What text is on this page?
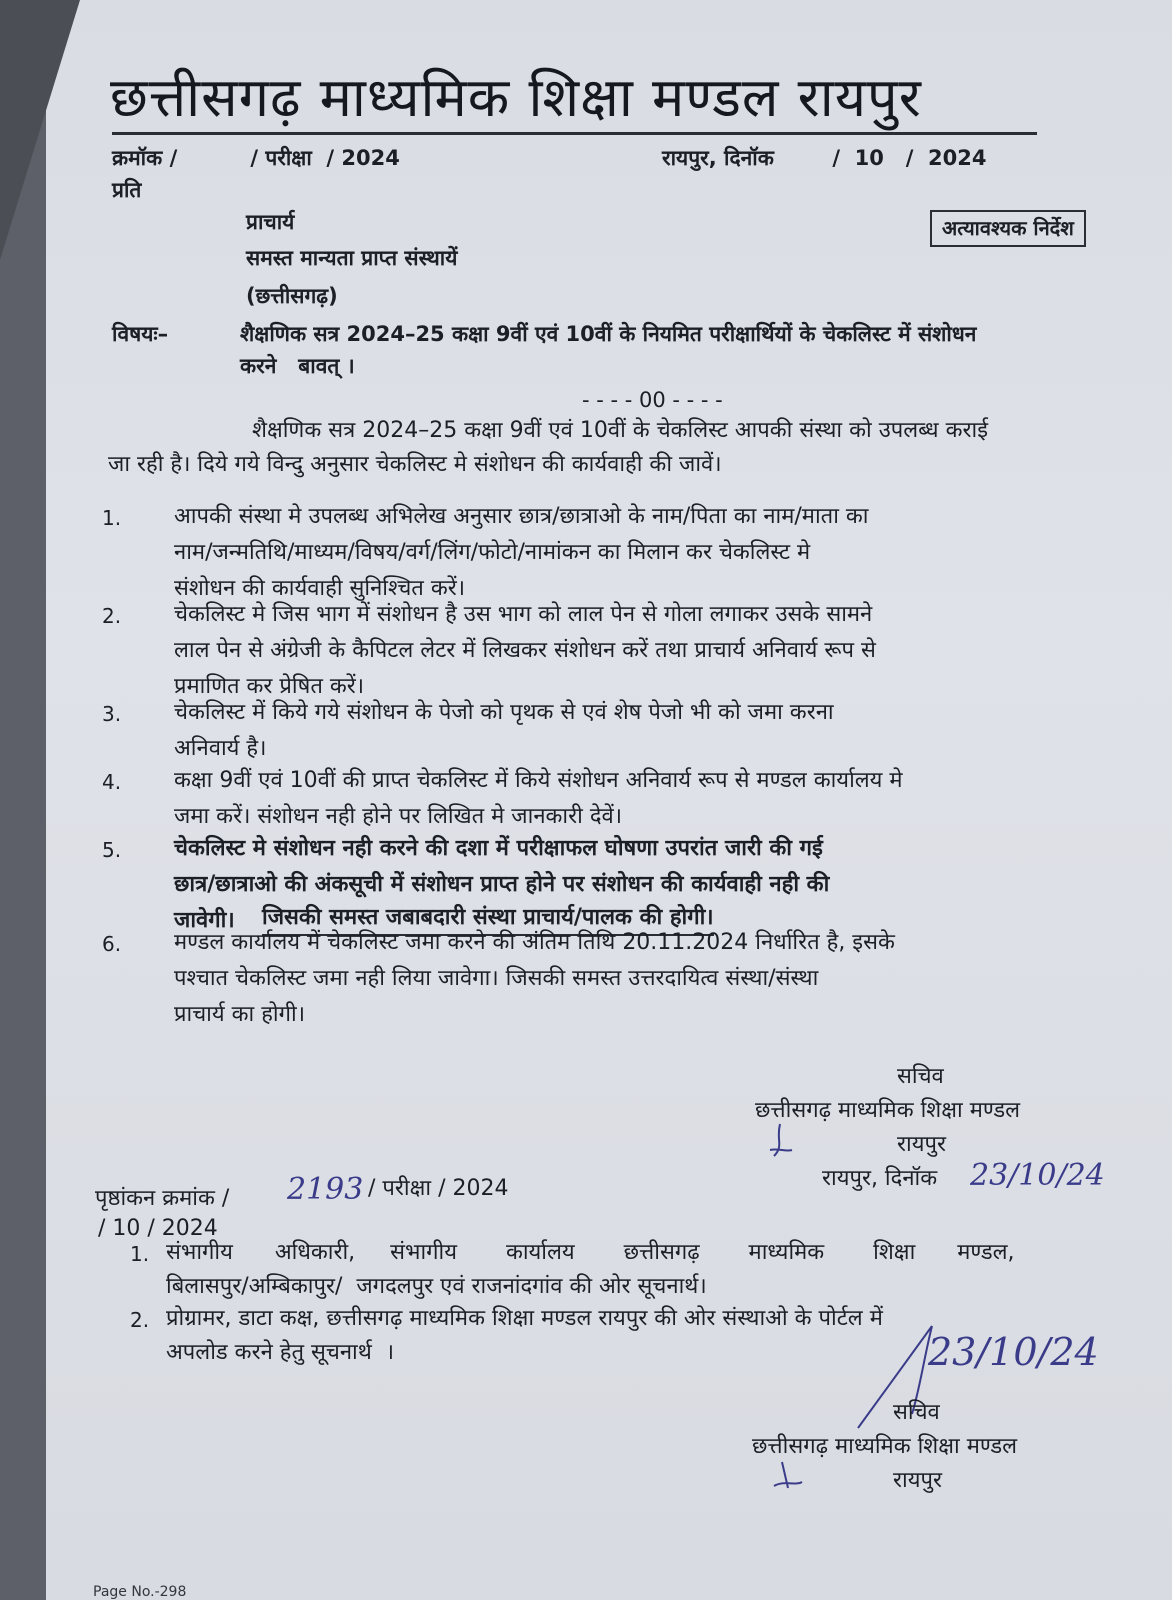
छत्तीसगढ़ माध्यमिक शिक्षा मण्डल रायपुर
क्रमॉक /          / परीक्षा  / 2024	रायपुर, दिनॉक        /  10   /  2024
प्रति
प्राचार्य
समस्त मान्यता प्राप्त संस्थायें
(छत्तीसगढ़)
अत्यावश्यक निर्देश
विषयः–	शैक्षणिक सत्र 2024–25 कक्षा 9वीं एवं 10वीं के नियमित परीक्षार्थियों के चेकलिस्ट में संशोधन
करने   बावत् ।
- - - - 00 - - - -
शैक्षणिक सत्र 2024–25 कक्षा 9वीं एवं 10वीं के चेकलिस्ट आपकी संस्था को उपलब्ध कराई
जा रही है। दिये गये विन्दु अनुसार चेकलिस्ट मे संशोधन की कार्यवाही की जावें।
1. आपकी संस्था मे उपलब्ध अभिलेख अनुसार छात्र/छात्राओ के नाम/पिता का नाम/माता का
नाम/जन्मतिथि/माध्यम/विषय/वर्ग/लिंग/फोटो/नामांकन का मिलान कर चेकलिस्ट मे
संशोधन की कार्यवाही सुनिश्चित करें।
2. चेकलिस्ट मे जिस भाग में संशोधन है उस भाग को लाल पेन से गोला लगाकर उसके सामने
लाल पेन से अंग्रेजी के कैपिटल लेटर में लिखकर संशोधन करें तथा प्राचार्य अनिवार्य रूप से
प्रमाणित कर प्रेषित करें।
3. चेकलिस्ट में किये गये संशोधन के पेजो को पृथक से एवं शेष पेजो भी को जमा करना
अनिवार्य है।
4. कक्षा 9वीं एवं 10वीं की प्राप्त चेकलिस्ट में किये संशोधन अनिवार्य रूप से मण्डल कार्यालय मे
जमा करें। संशोधन नही होने पर लिखित मे जानकारी देवें।
5. चेकलिस्ट मे संशोधन नही करने की दशा में परीक्षाफल घोषणा उपरांत जारी की गई
छात्र/छात्राओ की अंकसूची में संशोधन प्राप्त होने पर संशोधन की कार्यवाही नही की
जावेगी। जिसकी समस्त जबाबदारी संस्था प्राचार्य/पालक की होगी।
6. मण्डल कार्यालय में चेकलिस्ट जमा करने की अंतिम तिथि 20.11.2024 निर्धारित है, इसके
पश्चात चेकलिस्ट जमा नही लिया जावेगा। जिसकी समस्त उत्तरदायित्व संस्था/संस्था
प्राचार्य का होगी।
सचिव
छत्तीसगढ़ माध्यमिक शिक्षा मण्डल
रायपुर
रायपुर, दिनॉक 23/10/24
पृष्ठांकन क्रमांक / 2193 / परीक्षा / 2024
/ 10 / 2024
1. संभागीय      अधिकारी,     संभागीय       कार्यालय       छत्तीसगढ़       माध्यमिक       शिक्षा      मण्डल,
बिलासपुर/अम्बिकापुर/  जगदलपुर एवं राजनांदगांव की ओर सूचनार्थ।
2. प्रोग्रामर, डाटा कक्ष, छत्तीसगढ़ माध्यमिक शिक्षा मण्डल रायपुर की ओर संस्थाओ के पोर्टल में
अपलोड करने हेतु सूचनार्थ  ।	23/10/24
सचिव
छत्तीसगढ़ माध्यमिक शिक्षा मण्डल
रायपुर
Page No.-298
